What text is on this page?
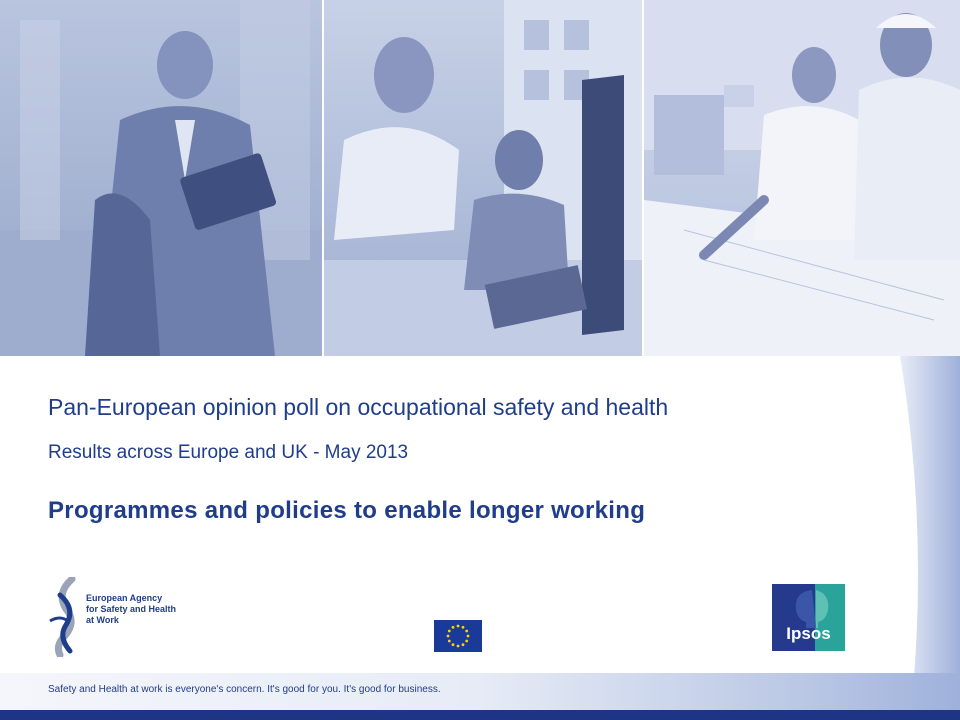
Pan-European opinion poll on occupational safety and health
Results across Europe and UK - May 2013
Programmes and policies to enable longer working
European Agency
for Safety and Health
at Work
Ipsos
Safety and Health at work is everyone's concern. It's good for you. It's good for business.
